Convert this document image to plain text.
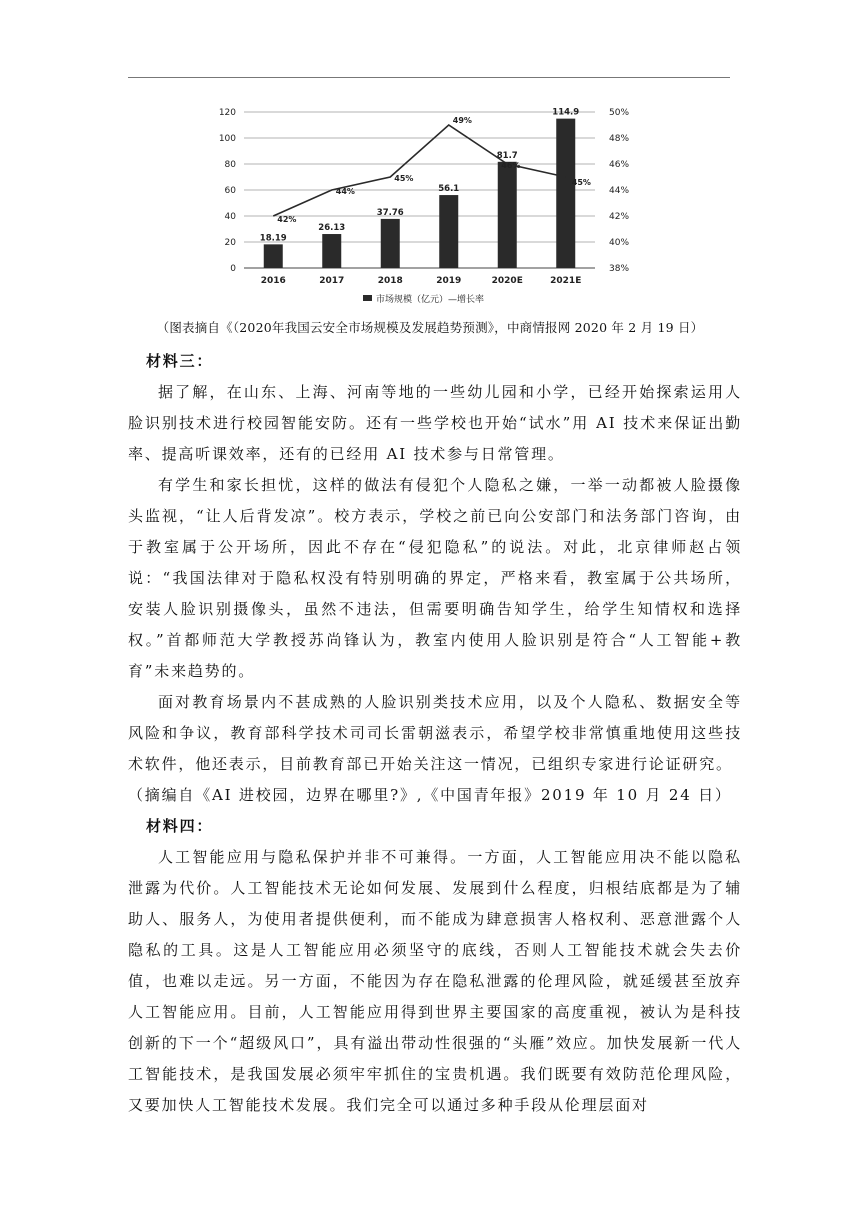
0
20
40
60
80
100
120
38%
40%
42%
44%
46%
48%
50%
18.19
26.13
37.76
56.1
81.7
114.9
42%
44%
45%
49%
46%
45%
2016	2017	2018	2019	2020E	2021E
市场规模（亿元）—增长率
（图表摘自《（2020年我国云安全市场规模及发展趋势预测》，中商情报网 2020 年 2 月 19 日）

材料三：

据了解，在山东、上海、河南等地的一些幼儿园和小学，已经开始探索运用人脸识别技术进行校园智能安防。还有一些学校也开始“试水”用 AI 技术来保证出勤率、提高听课效率，还有的已经用 AI 技术参与日常管理。

有学生和家长担忧，这样的做法有侵犯个人隐私之嫌，一举一动都被人脸摄像头监视，“让人后背发凉”。校方表示，学校之前已向公安部门和法务部门咨询，由于教室属于公开场所，因此不存在“侵犯隐私”的说法。对此，北京律师赵占领说：“我国法律对于隐私权没有特别明确的界定，严格来看，教室属于公共场所，安装人脸识别摄像头，虽然不违法，但需要明确告知学生，给学生知情权和选择权。”首都师范大学教授苏尚锋认为，教室内使用人脸识别是符合“人工智能+教育”未来趋势的。

面对教育场景内不甚成熟的人脸识别类技术应用，以及个人隐私、数据安全等风险和争议，教育部科学技术司司长雷朝滋表示，希望学校非常慎重地使用这些技术软件，他还表示，目前教育部已开始关注这一情况，已组织专家进行论证研究。

（摘编自《AI 进校园，边界在哪里?》,《中国青年报》2019 年 10 月 24 日）

材料四：

人工智能应用与隐私保护并非不可兼得。一方面，人工智能应用决不能以隐私泄露为代价。人工智能技术无论如何发展、发展到什么程度，归根结底都是为了辅助人、服务人，为使用者提供便利，而不能成为肆意损害人格权利、恶意泄露个人隐私的工具。这是人工智能应用必须坚守的底线，否则人工智能技术就会失去价值，也难以走远。另一方面，不能因为存在隐私泄露的伦理风险，就延缓甚至放弃人工智能应用。目前，人工智能应用得到世界主要国家的高度重视，被认为是科技创新的下一个“超级风口”，具有溢出带动性很强的“头雁”效应。加快发展新一代人工智能技术，是我国发展必须牢牢抓住的宝贵机遇。我们既要有效防范伦理风险，又要加快人工智能技术发展。我们完全可以通过多种手段从伦理层面对
